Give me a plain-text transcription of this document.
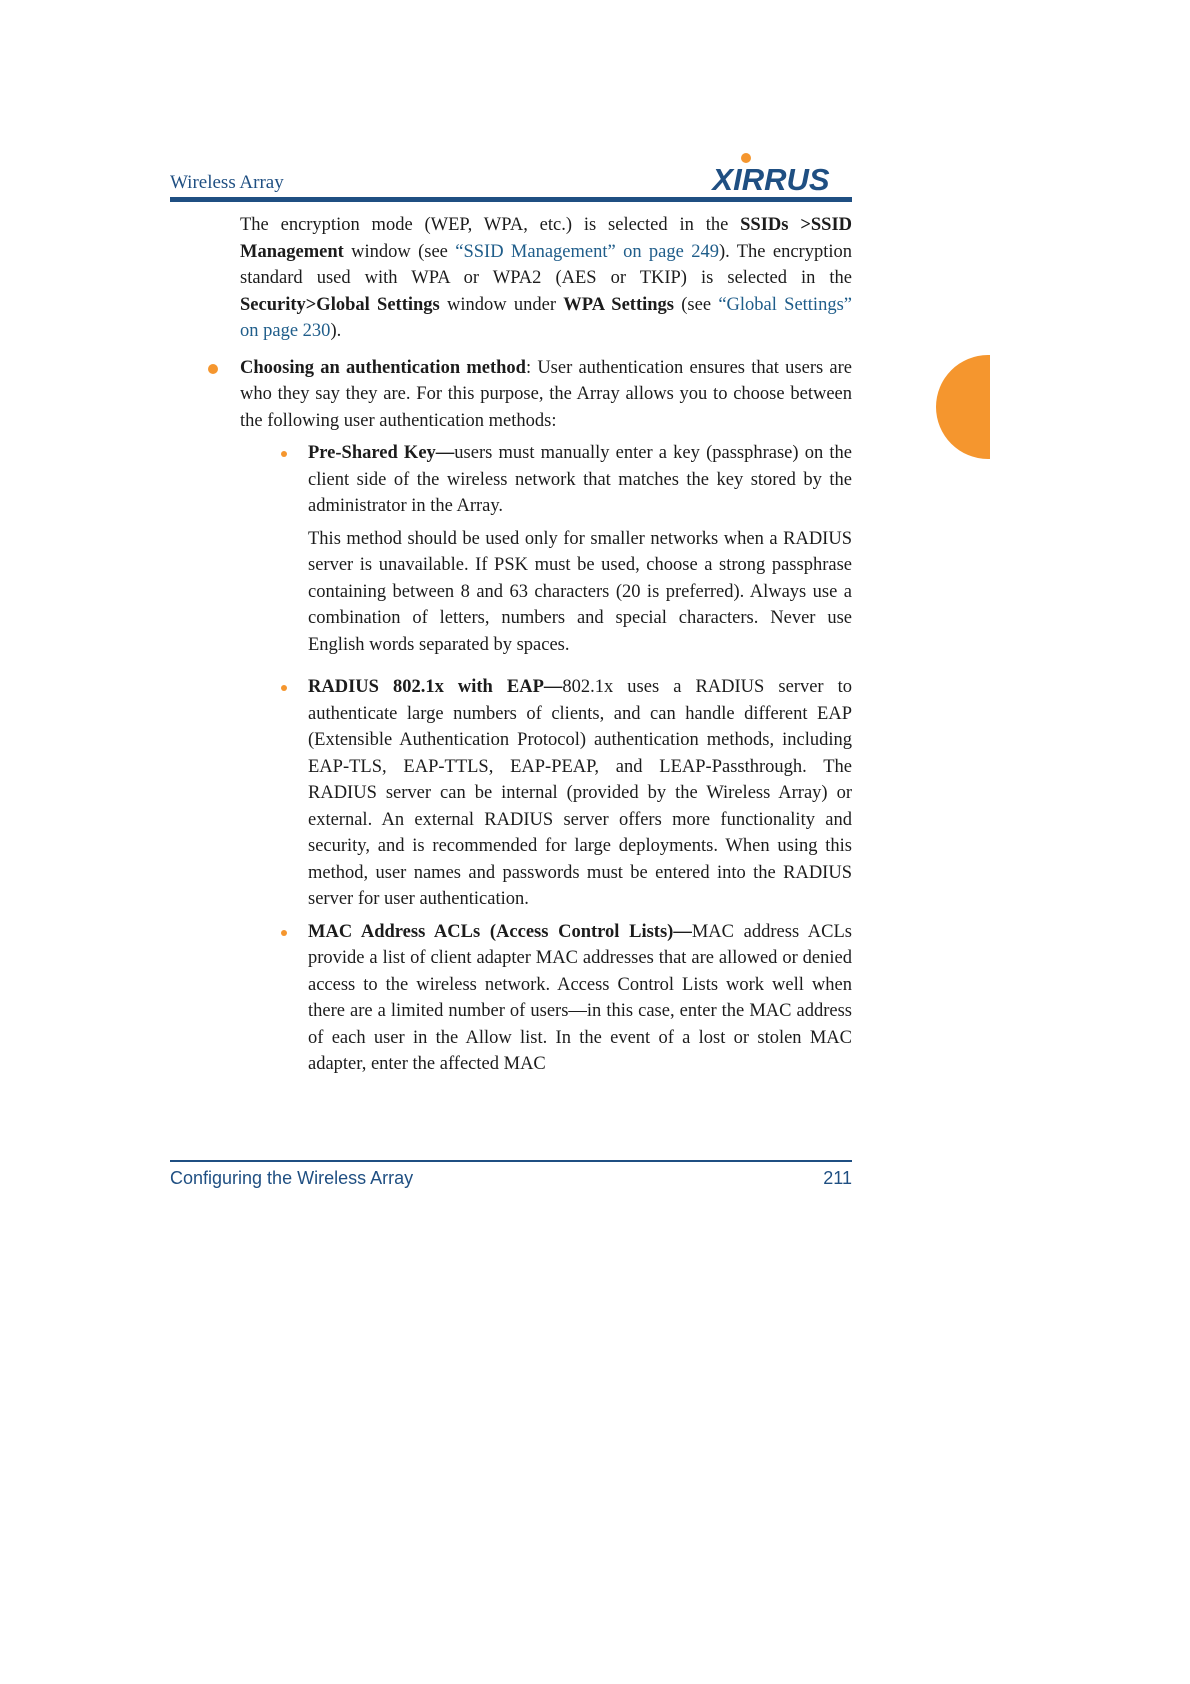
Wireless Array	XIRRUS

The encryption mode (WEP, WPA, etc.) is selected in the SSIDs >SSID Management window (see “SSID Management” on page 249). The encryption standard used with WPA or WPA2 (AES or TKIP) is selected in the Security>Global Settings window under WPA Settings (see “Global Settings” on page 230).

Choosing an authentication method: User authentication ensures that users are who they say they are. For this purpose, the Array allows you to choose between the following user authentication methods:

Pre-Shared Key—users must manually enter a key (passphrase) on the client side of the wireless network that matches the key stored by the administrator in the Array.

This method should be used only for smaller networks when a RADIUS server is unavailable. If PSK must be used, choose a strong passphrase containing between 8 and 63 characters (20 is preferred). Always use a combination of letters, numbers and special characters. Never use English words separated by spaces.

RADIUS 802.1x with EAP—802.1x uses a RADIUS server to authenticate large numbers of clients, and can handle different EAP (Extensible Authentication Protocol) authentication methods, including EAP-TLS, EAP-TTLS, EAP-PEAP, and LEAP-Passthrough. The RADIUS server can be internal (provided by the Wireless Array) or external. An external RADIUS server offers more functionality and security, and is recommended for large deployments. When using this method, user names and passwords must be entered into the RADIUS server for user authentication.

MAC Address ACLs (Access Control Lists)—MAC address ACLs provide a list of client adapter MAC addresses that are allowed or denied access to the wireless network. Access Control Lists work well when there are a limited number of users—in this case, enter the MAC address of each user in the Allow list. In the event of a lost or stolen MAC adapter, enter the affected MAC

Configuring the Wireless Array	211
